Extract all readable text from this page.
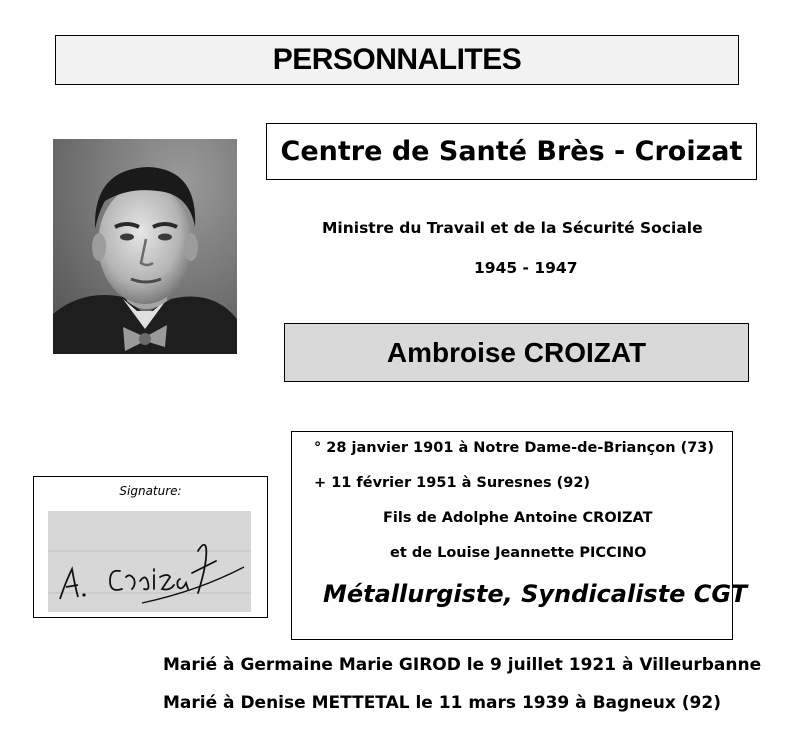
PERSONNALITES
Centre de Santé Brès - Croizat
Ministre du Travail et de la Sécurité Sociale
1945 - 1947
Ambroise CROIZAT
Signature:
° 28 janvier 1901 à Notre Dame-de-Briançon (73)
+ 11 février 1951 à Suresnes (92)
Fils de Adolphe Antoine CROIZAT
et de Louise Jeannette PICCINO
Métallurgiste, Syndicaliste CGT
Marié à Germaine Marie GIROD le 9 juillet 1921 à Villeurbanne
Marié à Denise METTETAL le 11 mars 1939 à Bagneux (92)
